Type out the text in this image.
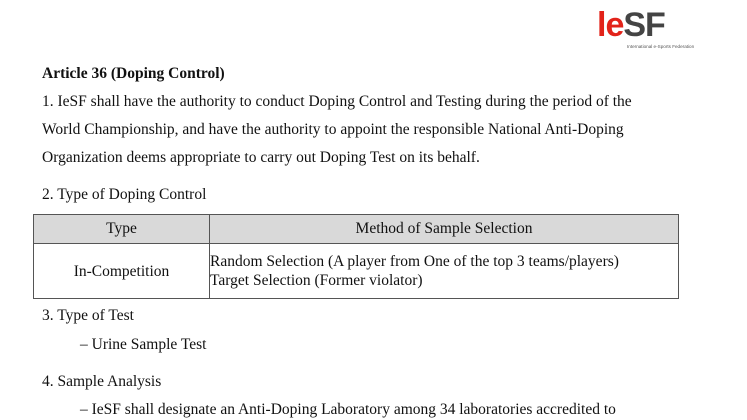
leSF
International e-Sports Federation
Article 36 (Doping Control)
1. IeSF shall have the authority to conduct Doping Control and Testing during the period of the
World Championship, and have the authority to appoint the responsible National Anti-Doping
Organization deems appropriate to carry out Doping Test on its behalf.
2. Type of Doping Control
Type	Method of Sample Selection
In-Competition	Random Selection (A player from One of the top 3 teams/players)
Target Selection (Former violator)
3. Type of Test
– Urine Sample Test
4. Sample Analysis
– IeSF shall designate an Anti-Doping Laboratory among 34 laboratories accredited to
